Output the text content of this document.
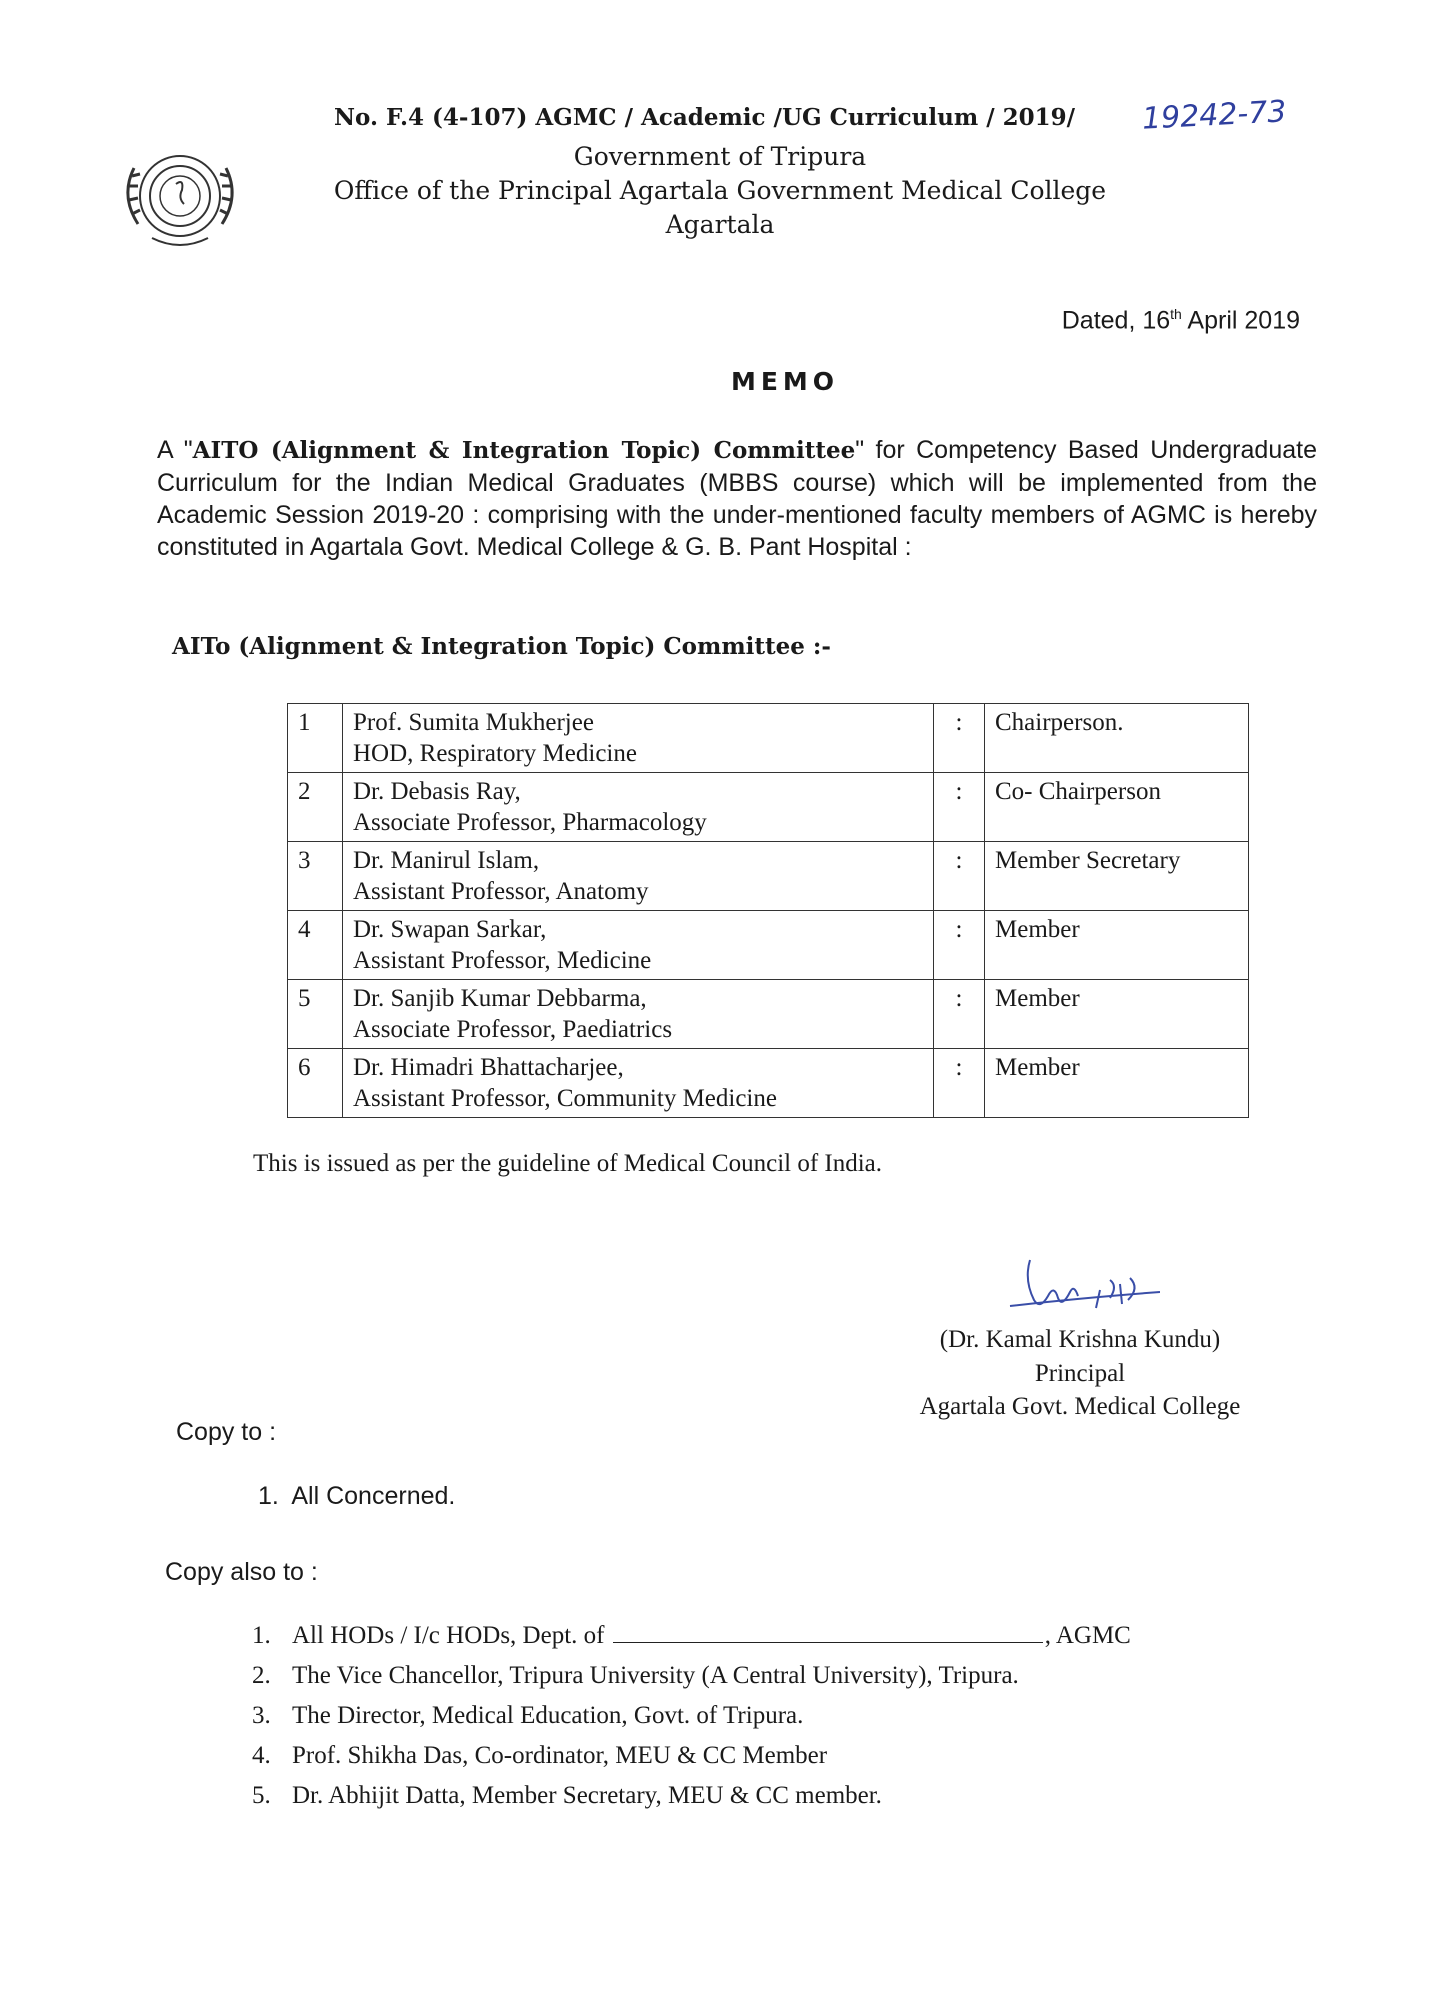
No. F.4 (4-107) AGMC / Academic /UG Curriculum / 2019/ 19242-73
Government of Tripura
Office of the Principal Agartala Government Medical College
Agartala
Dated, 16th April 2019
MEMO
A "AITO (Alignment & Integration Topic) Committee" for Competency Based Undergraduate Curriculum for the Indian Medical Graduates (MBBS course) which will be implemented from the Academic Session 2019-20 : comprising with the under-mentioned faculty members of AGMC is hereby constituted in Agartala Govt. Medical College & G. B. Pant Hospital :
AITo (Alignment & Integration Topic) Committee :-
1	Prof. Sumita Mukherjee
HOD, Respiratory Medicine	:	Chairperson.
2	Dr. Debasis Ray,
Associate Professor, Pharmacology	:	Co- Chairperson
3	Dr. Manirul Islam,
Assistant Professor, Anatomy	:	Member Secretary
4	Dr. Swapan Sarkar,
Assistant Professor, Medicine	:	Member
5	Dr. Sanjib Kumar Debbarma,
Associate Professor, Paediatrics	:	Member
6	Dr. Himadri Bhattacharjee,
Assistant Professor, Community Medicine	:	Member
This is issued as per the guideline of Medical Council of India.
(Dr. Kamal Krishna Kundu)
Principal
Agartala Govt. Medical College
Copy to :
1. All Concerned.
Copy also to :
1. All HODs / I/c HODs, Dept. of	, AGMC
2. The Vice Chancellor, Tripura University (A Central University), Tripura.
3. The Director, Medical Education, Govt. of Tripura.
4. Prof. Shikha Das, Co-ordinator, MEU & CC Member
5. Dr. Abhijit Datta, Member Secretary, MEU & CC member.
